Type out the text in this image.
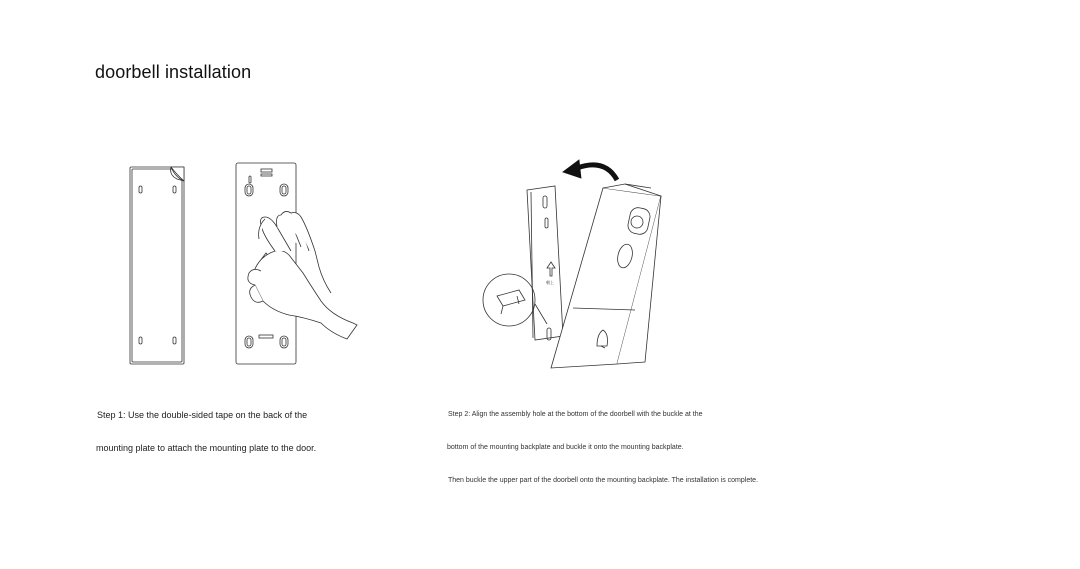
doorbell installation
朝上
Step 1: Use the double-sided tape on the back of the
mounting plate to attach the mounting plate to the door.
Step 2: Align the assembly hole at the bottom of the doorbell with the buckle at the
bottom of the mounting backplate and buckle it onto the mounting backplate.
Then buckle the upper part of the doorbell onto the mounting backplate. The installation is complete.
